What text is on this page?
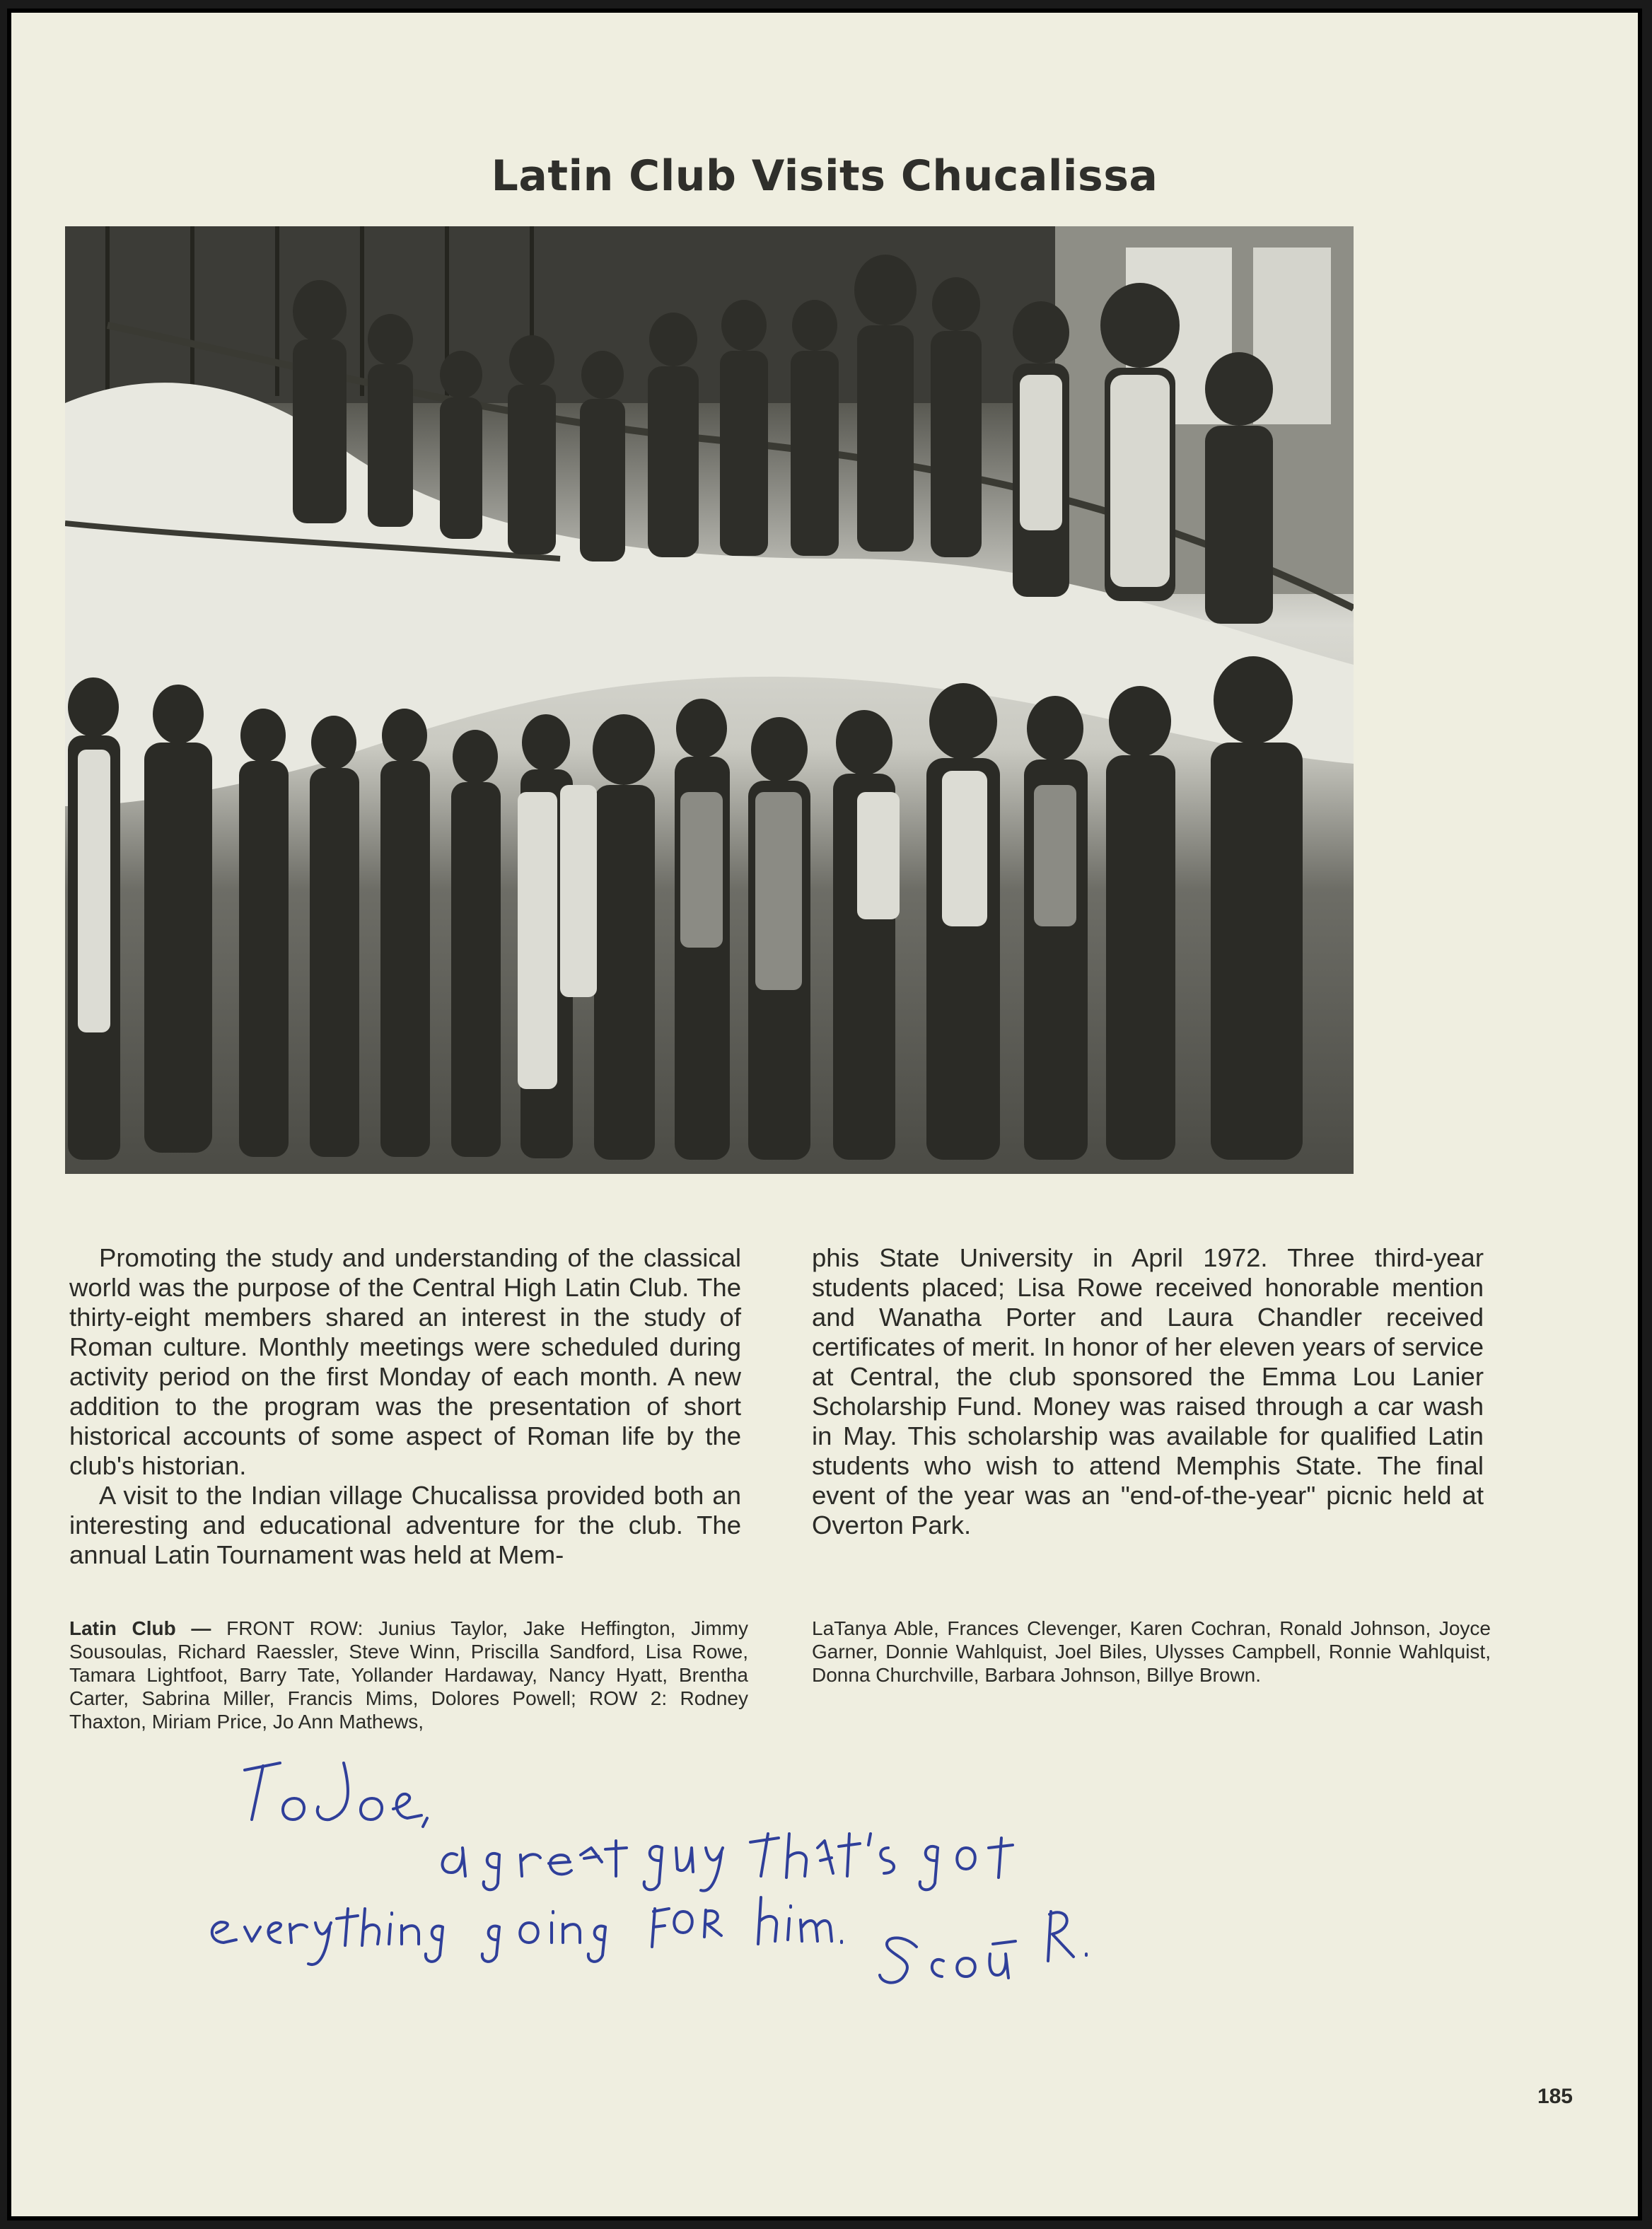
Latin Club Visits Chucalissa

Promoting the study and understanding of the classical world was the purpose of the Central High Latin Club. The thirty-eight members shared an interest in the study of Roman culture. Monthly meetings were scheduled during activity period on the first Monday of each month. A new addition to the program was the presentation of short historical accounts of some aspect of Roman life by the club's historian.

A visit to the Indian village Chucalissa provided both an interesting and educational adventure for the club. The annual Latin Tournament was held at Mem-

phis State University in April 1972. Three third-year students placed; Lisa Rowe received honorable mention and Wanatha Porter and Laura Chandler received certificates of merit. In honor of her eleven years of service at Central, the club sponsored the Emma Lou Lanier Scholarship Fund. Money was raised through a car wash in May. This scholarship was available for qualified Latin students who wish to attend Memphis State. The final event of the year was an "end-of-the-year" picnic held at Overton Park.

Latin Club — FRONT ROW: Junius Taylor, Jake Heffington, Jimmy Sousoulas, Richard Raessler, Steve Winn, Priscilla Sandford, Lisa Rowe, Tamara Lightfoot, Barry Tate, Yollander Hardaway, Nancy Hyatt, Brentha Carter, Sabrina Miller, Francis Mims, Dolores Powell; ROW 2: Rodney Thaxton, Miriam Price, Jo Ann Mathews,
LaTanya Able, Frances Clevenger, Karen Cochran, Ronald Johnson, Joyce Garner, Donnie Wahlquist, Joel Biles, Ulysses Campbell, Ronnie Wahlquist, Donna Churchville, Barbara Johnson, Billye Brown.
185
